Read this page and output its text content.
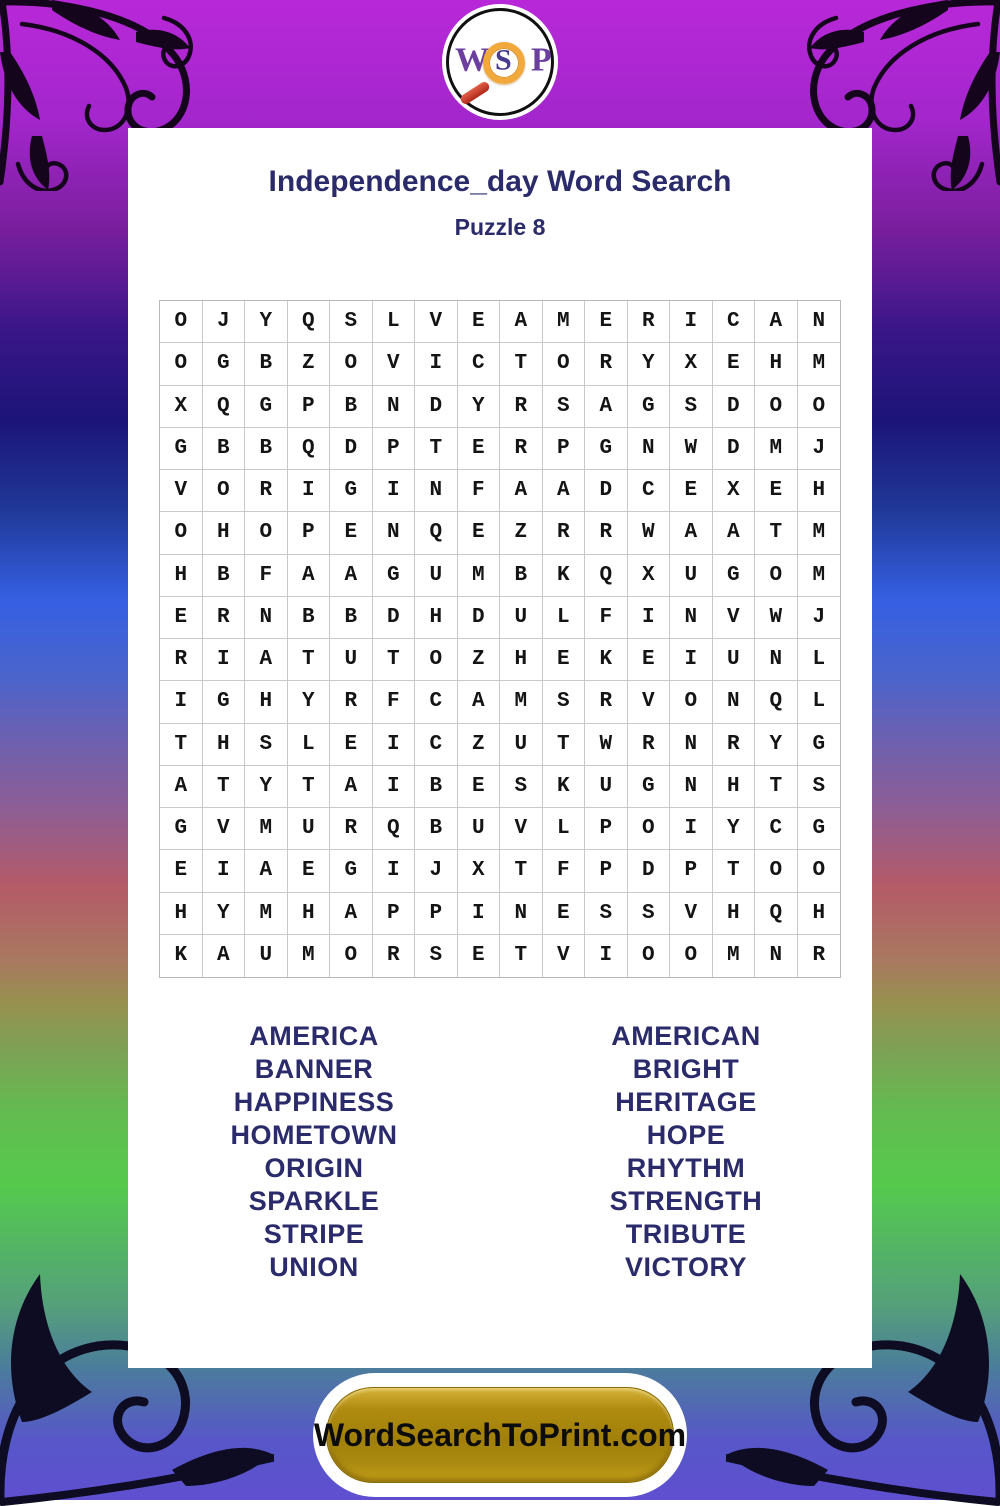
W P
S
Independence_day Word Search
Puzzle 8
O	J	Y	Q	S	L	V	E	A	M	E	R	I	C	A	N
O	G	B	Z	O	V	I	C	T	O	R	Y	X	E	H	M
X	Q	G	P	B	N	D	Y	R	S	A	G	S	D	O	O
G	B	B	Q	D	P	T	E	R	P	G	N	W	D	M	J
V	O	R	I	G	I	N	F	A	A	D	C	E	X	E	H
O	H	O	P	E	N	Q	E	Z	R	R	W	A	A	T	M
H	B	F	A	A	G	U	M	B	K	Q	X	U	G	O	M
E	R	N	B	B	D	H	D	U	L	F	I	N	V	W	J
R	I	A	T	U	T	O	Z	H	E	K	E	I	U	N	L
I	G	H	Y	R	F	C	A	M	S	R	V	O	N	Q	L
T	H	S	L	E	I	C	Z	U	T	W	R	N	R	Y	G
A	T	Y	T	A	I	B	E	S	K	U	G	N	H	T	S
G	V	M	U	R	Q	B	U	V	L	P	O	I	Y	C	G
E	I	A	E	G	I	J	X	T	F	P	D	P	T	O	O
H	Y	M	H	A	P	P	I	N	E	S	S	V	H	Q	H
K	A	U	M	O	R	S	E	T	V	I	O	O	M	N	R
AMERICA
BANNER
HAPPINESS
HOMETOWN
ORIGIN
SPARKLE
STRIPE
UNION
AMERICAN
BRIGHT
HERITAGE
HOPE
RHYTHM
STRENGTH
TRIBUTE
VICTORY
WordSearchToPrint.com
